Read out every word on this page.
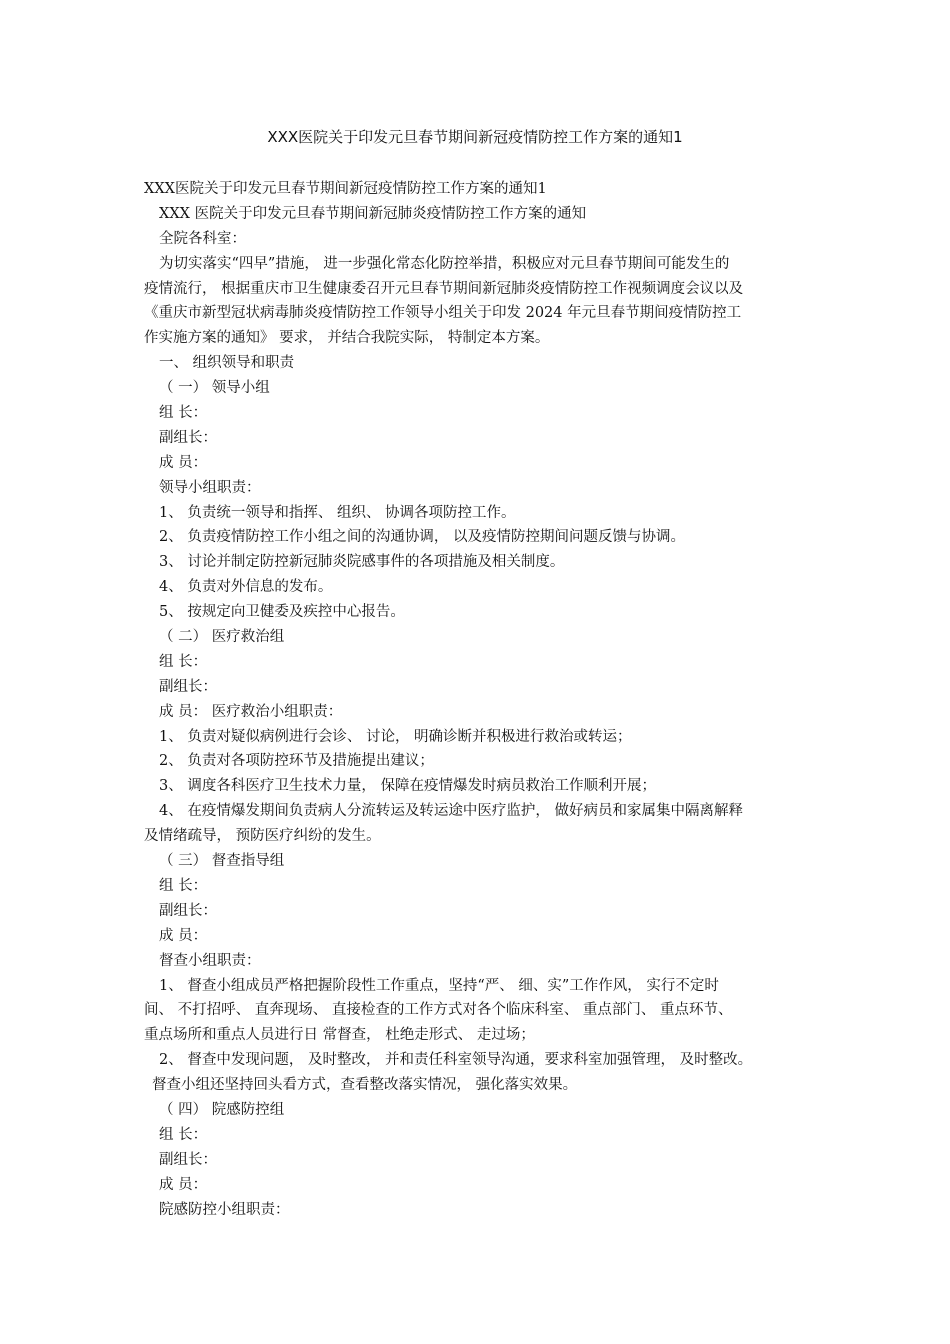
XXX医院关于印发元旦春节期间新冠疫情防控工作方案的通知1
XXX医院关于印发元旦春节期间新冠疫情防控工作方案的通知1
XXX 医院关于印发元旦春节期间新冠肺炎疫情防控工作方案的通知
全院各科室：
为切实落实“四早”措施， 进一步强化常态化防控举措，积极应对元旦春节期间可能发生的
疫情流行， 根据重庆市卫生健康委召开元旦春节期间新冠肺炎疫情防控工作视频调度会议以及
《重庆市新型冠状病毒肺炎疫情防控工作领导小组关于印发 2024 年元旦春节期间疫情防控工
作实施方案的通知》 要求， 并结合我院实际， 特制定本方案。
一、 组织领导和职责
（ 一） 领导小组
组 长：
副组长：
成 员：
领导小组职责：
1、 负责统一领导和指挥、 组织、 协调各项防控工作。
2、 负责疫情防控工作小组之间的沟通协调， 以及疫情防控期间问题反馈与协调。
3、 讨论并制定防控新冠肺炎院感事件的各项措施及相关制度。
4、 负责对外信息的发布。
5、 按规定向卫健委及疾控中心报告。
（ 二） 医疗救治组
组 长：
副组长：
成 员： 医疗救治小组职责：
1、 负责对疑似病例进行会诊、 讨论， 明确诊断并积极进行救治或转运；
2、 负责对各项防控环节及措施提出建议；
3、 调度各科医疗卫生技术力量， 保障在疫情爆发时病员救治工作顺利开展；
4、 在疫情爆发期间负责病人分流转运及转运途中医疗监护， 做好病员和家属集中隔离解释
及情绪疏导， 预防医疗纠纷的发生。
（ 三） 督查指导组
组 长：
副组长：
成 员：
督查小组职责：
1、 督查小组成员严格把握阶段性工作重点，坚持“严、 细、实”工作作风， 实行不定时
间、 不打招呼、 直奔现场、 直接检查的工作方式对各个临床科室、 重点部门、 重点环节、
重点场所和重点人员进行日 常督查， 杜绝走形式、 走过场；
2、 督查中发现问题， 及时整改， 并和责任科室领导沟通，要求科室加强管理， 及时整改。
督查小组还坚持回头看方式，查看整改落实情况， 强化落实效果。
（ 四） 院感防控组
组 长：
副组长：
成 员：
院感防控小组职责：
